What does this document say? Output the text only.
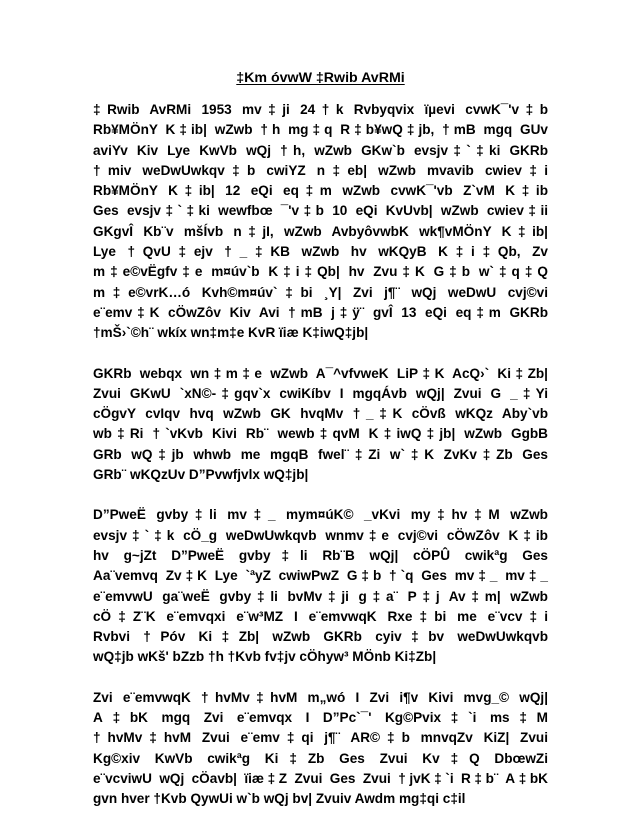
‡Km óvwW ‡Rwib AvRMi
‡Rwib AvRMi 1953 mv‡ji 24†k Rvbyqvix ïµevi cvwK¯'v‡b
Rb¥MÖnY K‡ib| wZwb †h mg‡q R‡b¥wQ‡jb, †mB mgq GUv
aviYv Kiv Lye KwVb wQj †h, wZwb GKw`b evsjv‡`‡ki GKRb
†miv weDwUwkqv‡b cwiYZ n‡eb| wZwb mvavib cwiev‡i
Rb¥MÖnY K‡ib| 12 eQi eq‡m wZwb cvwK¯'vb Z`vM K‡ib
Ges evsjv‡`‡ki wewfbœ ¯'v‡b 10 eQi KvUvb| wZwb cwiev‡ii
GKgvÎ Kb¨v mšÍvb n‡jI, wZwb AvbyôvwbK wk¶vMÖnY K‡ib|
Lye †QvU‡ejv †_‡KB wZwb hv wKQyB K‡i‡Qb, Zv
m‡e©vËgfv‡e m¤úv`b K‡i‡Qb| hv Zvu‡K G‡b w`‡q‡Q
m‡e©vrK…ó Kvh©m¤úv`‡bi ¸Y| Zvi j¶¨ wQj weDwU cvj©vi
e¨emv‡K cÖwZôv Kiv Avi †mB j‡ÿ¨ gvÎ 13 eQi eq‡m GKRb
†mŠ›`©h¨ wkíx wn‡m‡e KvR ïiæ K‡iwQ‡jb|
GKRb webqx wn‡m‡e wZwb A¯^vfvweK LiP‡K AcQ›` Ki‡Zb|
Zvui GKwU `xN©-‡gqv`x cwiKíbv I mgqÁvb wQj| Zvui G _‡Yi
cÖgvY cvIqv hvq wZwb GK hvqMv †_‡K cÖvß wKQz Aby`vb
wb‡Ri †`vKvb Kivi Rb¨ wewb‡qvM K‡iwQ‡jb| wZwb GgbB
GRb wQ‡jb whwb me mgqB fwel¨‡Zi w`‡K ZvKv‡Zb Ges
GRb¨ wKQzUv D”Pvwfjvlx wQ‡jb|
D”PweË gvby‡li mv‡_ mym¤úK© _vKvi my‡hv‡M wZwb
evsjv‡`‡k cÖ_g weDwUwkqvb wnmv‡e cvj©vi cÖwZôv K‡ib
hv g~jZt D”PweË gvby‡li Rb¨B wQj| cÖPÛ cwikªg Ges
Aa¨vemvq Zv‡K Lye `ªyZ cwiwPwZ G‡b †`q Ges mv‡_ mv‡_
e¨emvwU ga¨weË gvby‡li bvMv‡ji g‡a¨ P‡j Av‡m| wZwb
cÖ‡Z¨K e¨emvqxi e¨w³MZ I e¨emvwqK Rxe‡bi me e¨vcv‡i
Rvbvi †Póv Ki‡Zb| wZwb GKRb cyiv‡bv weDwUwkqvb
wQ‡jb wKš' bZzb †h †Kvb fv‡jv cÖhyw³ MÖnb Ki‡Zb|
Zvi e¨emvwqK †hvMv‡hvM m„wó I Zvi i¶v Kivi mvg_© wQj|
A‡bK mgq Zvi e¨emvqx I D”Pc`¯' Kg©Pvix‡`i ms‡M
†hvMv‡hvM Zvui e¨emv‡qi j¶¨ AR©‡b mnvqZv KiZ| Zvui
Kg©xiv KwVb cwikªg Ki‡Zb Ges Zvui Kv‡Q DbœwZi
e¨vcviwU wQj cÖavb| ïiæ‡Z Zvui Ges Zvui †jvK‡`i R‡b¨ A‡bK
gvn hver †Kvb QywUi w`b wQj bv| Zvuiv Awdm mg‡qi c‡il
